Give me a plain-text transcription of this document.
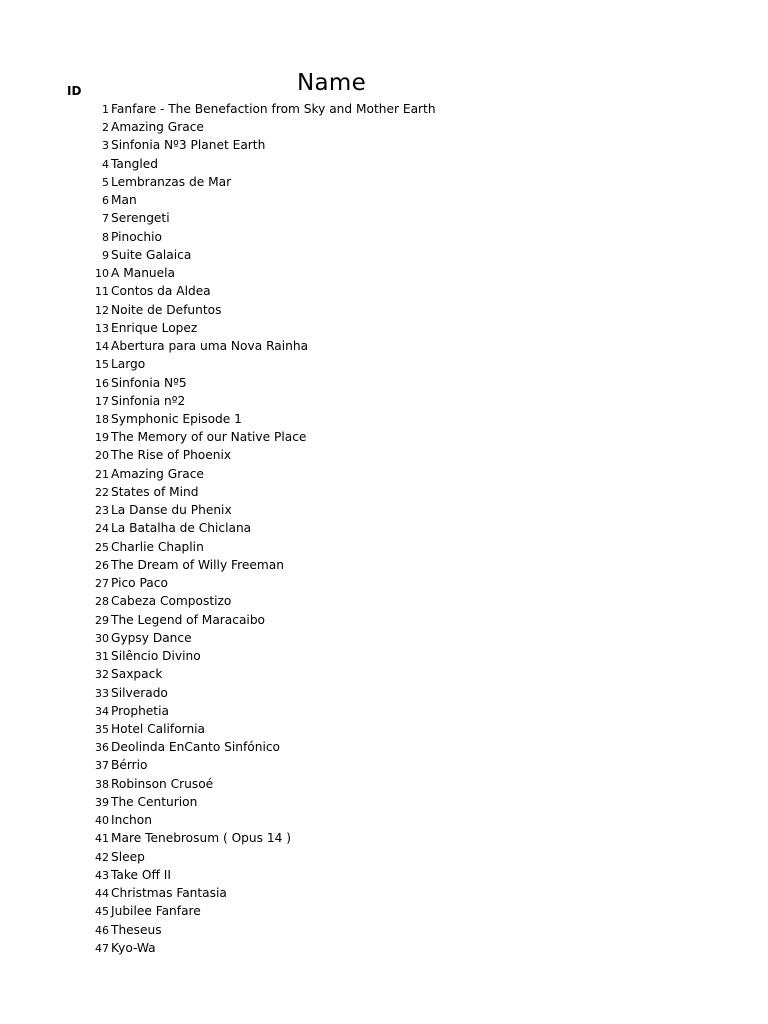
ID	Name
1 Fanfare - The Benefaction from Sky and Mother Earth
2 Amazing Grace
3 Sinfonia Nº3 Planet Earth
4 Tangled
5 Lembranzas de Mar
6 Man
7 Serengeti
8 Pinochio
9 Suite Galaica
10 A Manuela
11 Contos da Aldea
12 Noite de Defuntos
13 Enrique Lopez
14 Abertura para uma Nova Rainha
15 Largo
16 Sinfonia Nº5
17 Sinfonia nº2
18 Symphonic Episode 1
19 The Memory of our Native Place
20 The Rise of Phoenix
21 Amazing Grace
22 States of Mind
23 La Danse du Phenix
24 La Batalha de Chiclana
25 Charlie Chaplin
26 The Dream of Willy Freeman
27 Pico Paco
28 Cabeza Compostizo
29 The Legend of Maracaibo
30 Gypsy Dance
31 Silêncio Divino
32 Saxpack
33 Silverado
34 Prophetia
35 Hotel California
36 Deolinda EnCanto Sinfónico
37 Bérrio
38 Robinson Crusoé
39 The Centurion
40 Inchon
41 Mare Tenebrosum ( Opus 14 )
42 Sleep
43 Take Off II
44 Christmas Fantasia
45 Jubilee Fanfare
46 Theseus
47 Kyo-Wa
